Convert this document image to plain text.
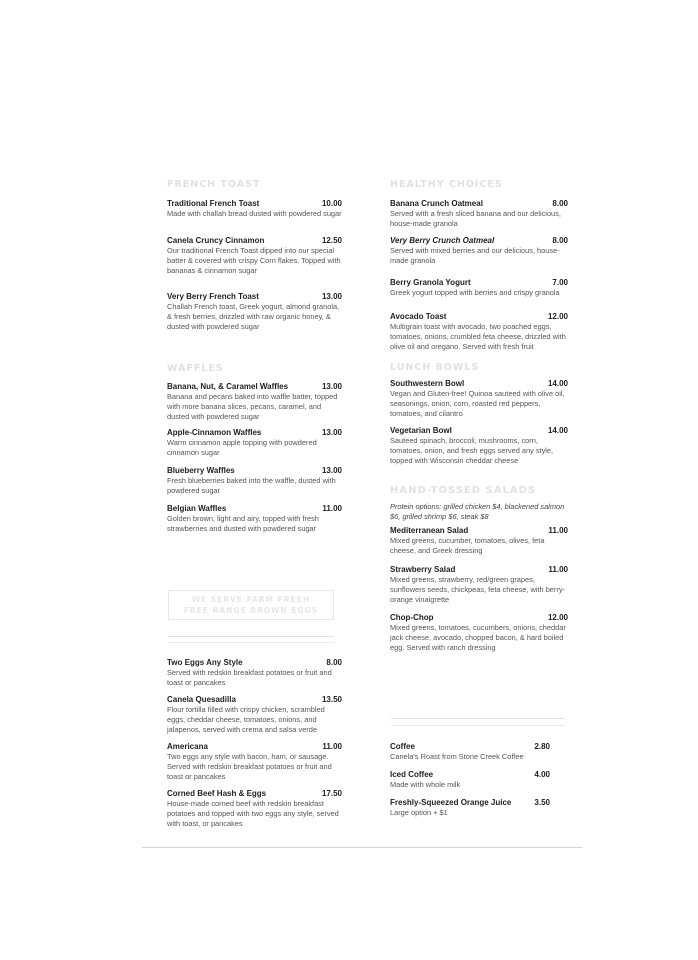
FRENCH TOAST
Traditional French Toast	10.00
Made with challah bread dusted with powdered sugar
Canela Cruncy Cinnamon	12.50
Our traditional French Toast dipped into our special batter & covered with crispy Corn flakes. Topped with bananas & cinnamon sugar
Very Berry French Toast	13.00
Challah French toast, Greek yogurt, almond granola, & fresh berries, drizzled with raw organic honey, & dusted with powdered sugar
WAFFLES
Banana, Nut, & Caramel Waffles	13.00
Banana and pecans baked into waffle batter, topped with more banana slices, pecans, caramel, and dusted with powdered sugar
Apple-Cinnamon Waffles	13.00
Warm cinnamon apple topping with powdered cinnamon sugar
Blueberry Waffles	13.00
Fresh blueberries baked into the waffle, dusted with powdered sugar
Belgian Waffles	11.00
Golden brown, light and airy, topped with fresh strawberries and dusted with powdered sugar
WE SERVE FARM FRESH
FREE RANGE BROWN EGGS
Two Eggs Any Style	8.00
Served with redskin breakfast potatoes or fruit and toast or pancakes
Canela Quesadilla	13.50
Flour tortilla filled with crispy chicken, scrambled eggs, cheddar cheese, tomatoes, onions, and jalapenos, served with crema and salsa verde
Americana	11.00
Two eggs any style with bacon, ham, or sausage. Served with redskin breakfast potatoes or fruit and toast or pancakes
Corned Beef Hash & Eggs	17.50
House-made corned beef with redskin breakfast potatoes and topped with two eggs any style, served with toast, or pancakes
HEALTHY CHOICES
Banana Crunch Oatmeal	8.00
Served with a fresh sliced banana and our delicious, house-made granola
Very Berry Crunch Oatmeal	8.00
Served with mixed berries and our delicious, house-made granola
Berry Granola Yogurt	7.00
Greek yogurt topped with berries and crispy granola
Avocado Toast	12.00
Multigrain toast with avocado, two poached eggs, tomatoes, onions, crumbled feta cheese, drizzled with olive oil and oregano. Served with fresh fruit
LUNCH BOWLS
Southwestern Bowl	14.00
Vegan and Gluten-free! Quinoa sauteed with olive oil, seasonings, onion, corn, roasted red peppers, tomatoes, and cilantro
Vegetarian Bowl	14.00
Sauteed spinach, broccoli, mushrooms, corn, tomatoes, onion, and fresh eggs served any style, topped with Wisconsin cheddar cheese
HAND-TOSSED SALADS
Protein options: grilled chicken $4, blackened salmon $6, grilled shrimp $6, steak $8
Mediterranean Salad	11.00
Mixed greens, cucumber, tomatoes, olives, feta cheese, and Greek dressing
Strawberry Salad	11.00
Mixed greens, strawberry, red/green grapes, sunflowers seeds, chickpeas, feta cheese, with berry-orange vinaigrette
Chop-Chop	12.00
Mixed greens, tomatoes, cucumbers, onions, cheddar jack cheese, avocado, chopped bacon, & hard boiled egg. Served with ranch dressing
Coffee	2.80
Canela's Roast from Stone Creek Coffee
Iced Coffee	4.00
Made with whole milk
Freshly-Squeezed Orange Juice	3.50
Large option + $1
